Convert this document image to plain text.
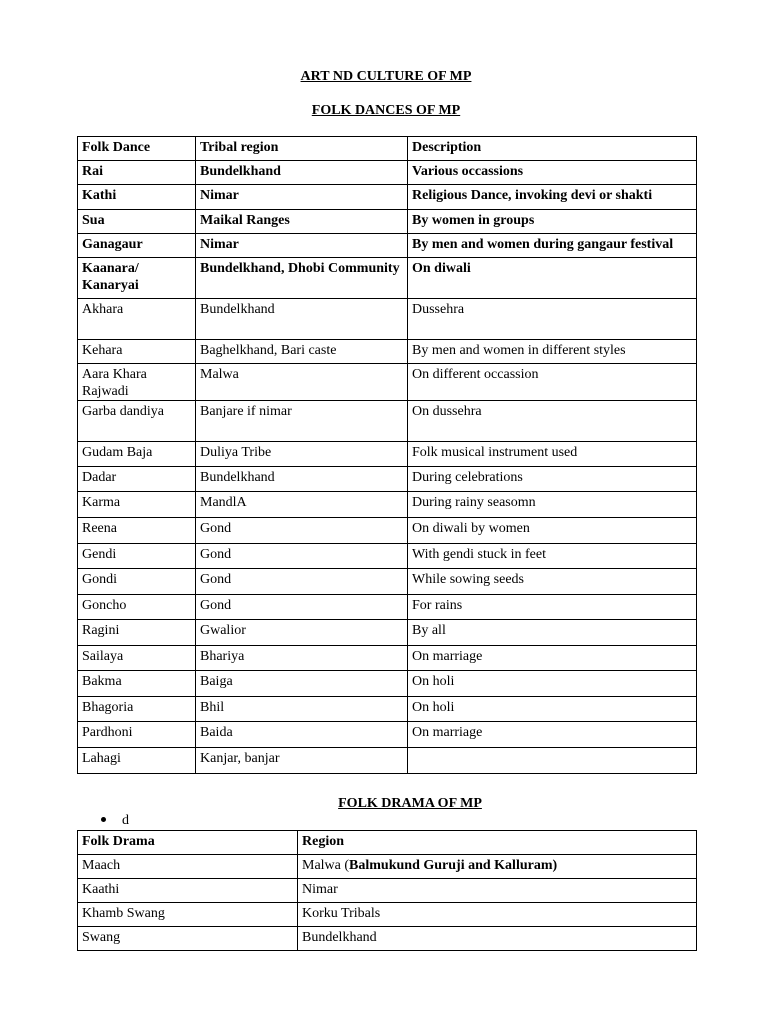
ART ND CULTURE OF MP
FOLK DANCES OF MP
Folk Dance	Tribal region	Description
Rai	Bundelkhand	Various occassions
Kathi	Nimar	Religious Dance, invoking devi or shakti
Sua	Maikal Ranges	By women in groups
Ganagaur	Nimar	By men and women during gangaur festival
Kaanara/ Kanaryai	Bundelkhand, Dhobi Community	On diwali
Akhara	Bundelkhand	Dussehra
Kehara	Baghelkhand, Bari caste	By men and women in different styles
Aara Khara Rajwadi	Malwa	On different occassion
Garba dandiya	Banjare if nimar	On dussehra
Gudam Baja	Duliya Tribe	Folk musical instrument used
Dadar	Bundelkhand	During celebrations
Karma	MandlA	During rainy seasomn
Reena	Gond	On diwali by women
Gendi	Gond	With gendi stuck in feet
Gondi	Gond	While sowing seeds
Goncho	Gond	For rains
Ragini	Gwalior	By all
Sailaya	Bhariya	On marriage
Bakma	Baiga	On holi
Bhagoria	Bhil	On holi
Pardhoni	Baida	On marriage
Lahagi	Kanjar, banjar	
FOLK DRAMA OF MP
d
Folk Drama	Region
Maach	Malwa (Balmukund Guruji and Kalluram)
Kaathi	Nimar
Khamb Swang	Korku Tribals
Swang	Bundelkhand
